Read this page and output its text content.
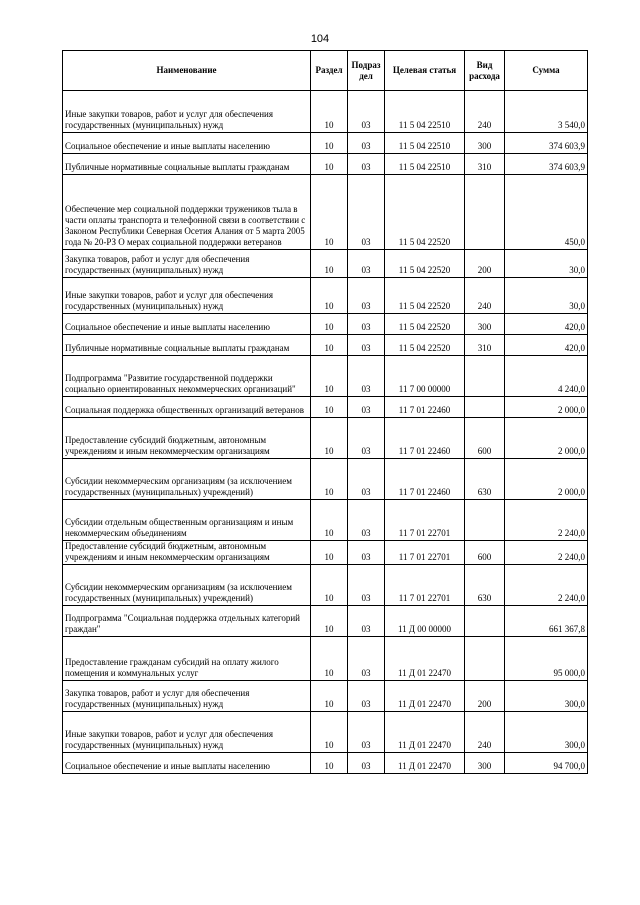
104
Наименование	Раздел	Подраз дел	Целевая статья	Вид расхода	Сумма
Иные закупки товаров, работ и услуг для обеспечения государственных (муниципальных) нужд	10	03	11 5 04 22510	240	3 540,0
Социальное обеспечение и иные выплаты населению	10	03	11 5 04 22510	300	374 603,9
Публичные нормативные социальные выплаты гражданам	10	03	11 5 04 22510	310	374 603,9
Обеспечение мер социальной поддержки тружеников тыла в части оплаты транспорта и телефонной связи в соответствии с Законом Республики Северная Осетия Алания от 5 марта 2005 года № 20-РЗ О мерах социальной поддержки ветеранов	10	03	11 5 04 22520		450,0
Закупка товаров, работ и услуг для обеспечения государственных (муниципальных) нужд	10	03	11 5 04 22520	200	30,0
Иные закупки товаров, работ и услуг для обеспечения государственных (муниципальных) нужд	10	03	11 5 04 22520	240	30,0
Социальное обеспечение и иные выплаты населению	10	03	11 5 04 22520	300	420,0
Публичные нормативные социальные выплаты гражданам	10	03	11 5 04 22520	310	420,0
Подпрограмма "Развитие государственной поддержки социально ориентированных некоммерческих организаций"	10	03	11 7 00 00000		4 240,0
Социальная поддержка общественных организаций ветеранов	10	03	11 7 01 22460		2 000,0
Предоставление субсидий бюджетным, автономным учреждениям и иным некоммерческим организациям	10	03	11 7 01 22460	600	2 000,0
Субсидии некоммерческим организациям (за исключением государственных (муниципальных) учреждений)	10	03	11 7 01 22460	630	2 000,0
Субсидии отдельным общественным организациям и иным некоммерческим объединениям	10	03	11 7 01 22701		2 240,0
Предоставление субсидий бюджетным, автономным учреждениям и иным некоммерческим организациям	10	03	11 7 01 22701	600	2 240,0
Субсидии некоммерческим организациям (за исключением государственных (муниципальных) учреждений)	10	03	11 7 01 22701	630	2 240,0
Подпрограмма "Социальная поддержка отдельных категорий граждан"	10	03	11 Д 00 00000		661 367,8
Предоставление гражданам субсидий на оплату жилого помещения и коммунальных услуг	10	03	11 Д 01 22470		95 000,0
Закупка товаров, работ и услуг для обеспечения государственных (муниципальных) нужд	10	03	11 Д 01 22470	200	300,0
Иные закупки товаров, работ и услуг для обеспечения государственных (муниципальных) нужд	10	03	11 Д 01 22470	240	300,0
Социальное обеспечение и иные выплаты населению	10	03	11 Д 01 22470	300	94 700,0
